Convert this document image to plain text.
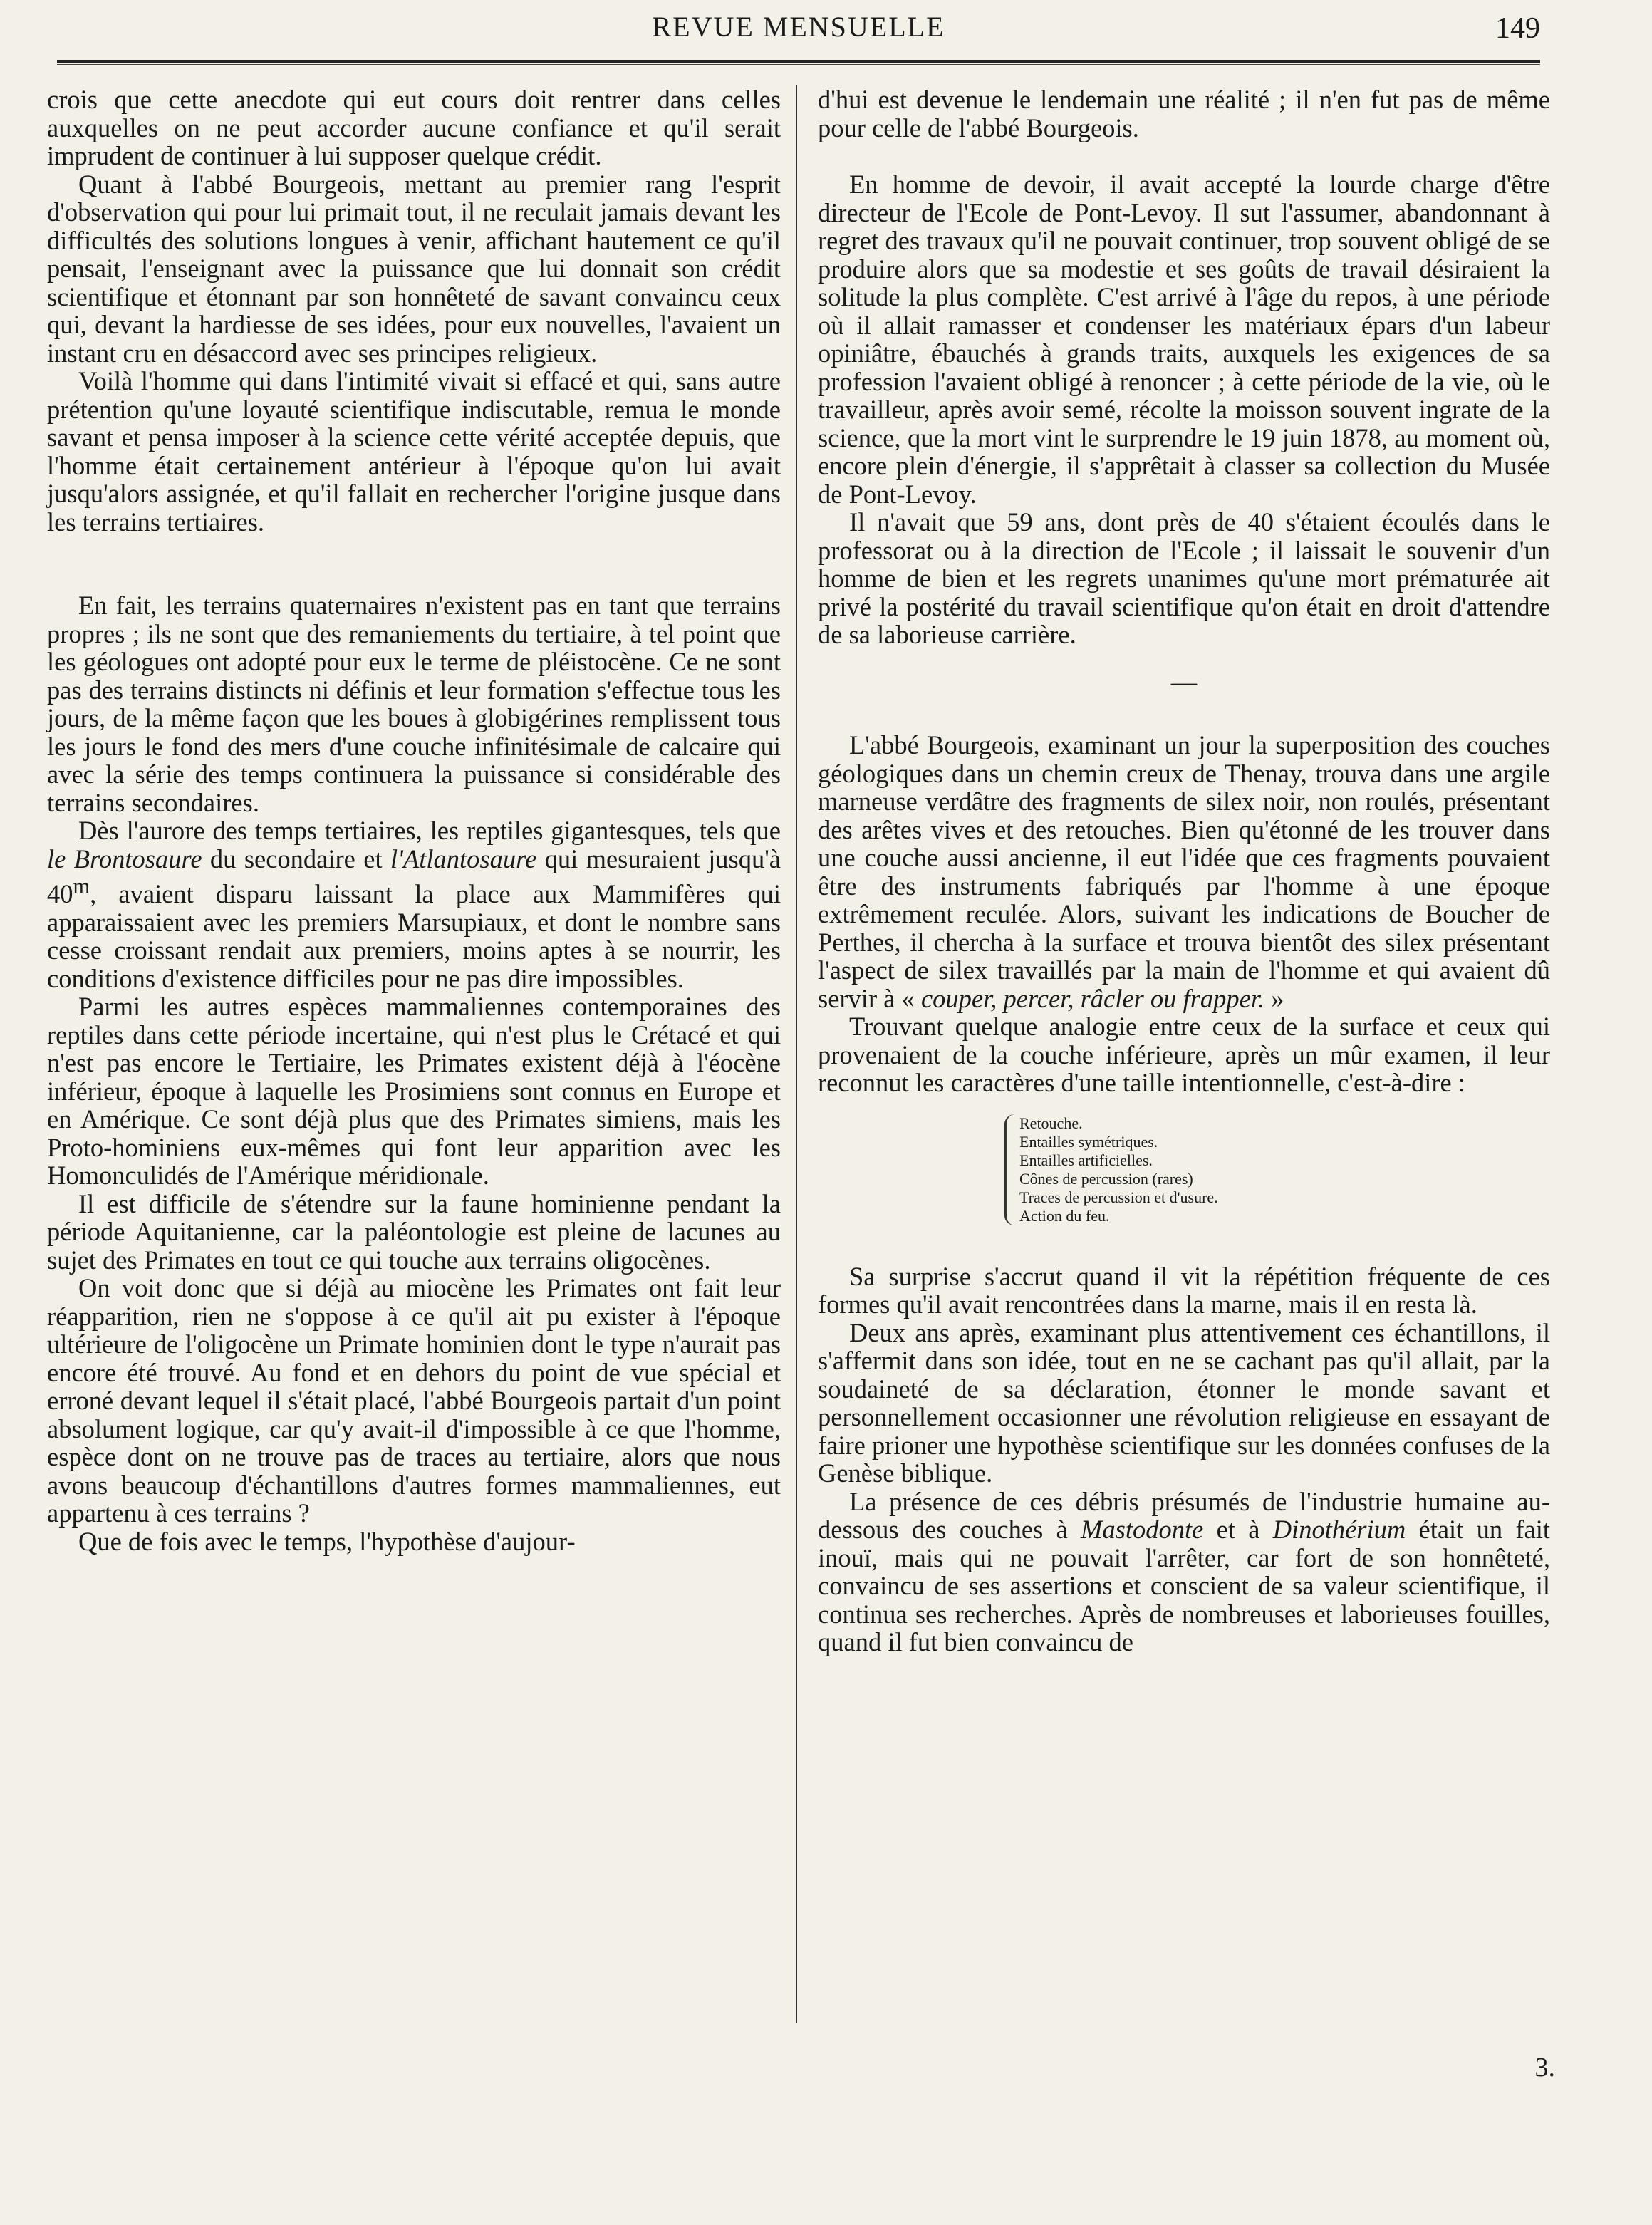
REVUE MENSUELLE	149

crois que cette anecdote qui eut cours doit rentrer dans celles auxquelles on ne peut accorder aucune confiance et qu'il serait imprudent de continuer à lui supposer quelque crédit.

Quant à l'abbé Bourgeois, mettant au premier rang l'esprit d'observation qui pour lui primait tout, il ne reculait jamais devant les difficultés des solutions longues à venir, affichant hautement ce qu'il pensait, l'enseignant avec la puissance que lui donnait son crédit scientifique et étonnant par son honnêteté de savant convaincu ceux qui, devant la hardiesse de ses idées, pour eux nouvelles, l'avaient un instant cru en désaccord avec ses principes religieux.

Voilà l'homme qui dans l'intimité vivait si effacé et qui, sans autre prétention qu'une loyauté scientifique indiscutable, remua le monde savant et pensa imposer à la science cette vérité acceptée depuis, que l'homme était certainement antérieur à l'époque qu'on lui avait jusqu'alors assignée, et qu'il fallait en rechercher l'origine jusque dans les terrains tertiaires.

En fait, les terrains quaternaires n'existent pas en tant que terrains propres ; ils ne sont que des remaniements du tertiaire, à tel point que les géologues ont adopté pour eux le terme de pléistocène. Ce ne sont pas des terrains distincts ni définis et leur formation s'effectue tous les jours, de la même façon que les boues à globigérines remplissent tous les jours le fond des mers d'une couche infinitésimale de calcaire qui avec la série des temps continuera la puissance si considérable des terrains secondaires.

Dès l'aurore des temps tertiaires, les reptiles gigantesques, tels que le Brontosaure du secondaire et l'Atlantosaure qui mesuraient jusqu'à 40$^m$, avaient disparu laissant la place aux Mammifères qui apparaissaient avec les premiers Marsupiaux, et dont le nombre sans cesse croissant rendait aux premiers, moins aptes à se nourrir, les conditions d'existence difficiles pour ne pas dire impossibles.

Parmi les autres espèces mammaliennes contemporaines des reptiles dans cette période incertaine, qui n'est plus le Crétacé et qui n'est pas encore le Tertiaire, les Primates existent déjà à l'éocène inférieur, époque à laquelle les Prosimiens sont connus en Europe et en Amérique. Ce sont déjà plus que des Primates simiens, mais les Proto-hominiens eux-mêmes qui font leur apparition avec les Homonculidés de l'Amérique méridionale.

Il est difficile de s'étendre sur la faune hominienne pendant la période Aquitanienne, car la paléontologie est pleine de lacunes au sujet des Primates en tout ce qui touche aux terrains oligocènes.

On voit donc que si déjà au miocène les Primates ont fait leur réapparition, rien ne s'oppose à ce qu'il ait pu exister à l'époque ultérieure de l'oligocène un Primate hominien dont le type n'aurait pas encore été trouvé. Au fond et en dehors du point de vue spécial et erroné devant lequel il s'était placé, l'abbé Bourgeois partait d'un point absolument logique, car qu'y avait-il d'impossible à ce que l'homme, espèce dont on ne trouve pas de traces au tertiaire, alors que nous avons beaucoup d'échantillons d'autres formes mammaliennes, eut appartenu à ces terrains ?

Que de fois avec le temps, l'hypothèse d'aujour-

d'hui est devenue le lendemain une réalité ; il n'en fut pas de même pour celle de l'abbé Bourgeois.

En homme de devoir, il avait accepté la lourde charge d'être directeur de l'Ecole de Pont-Levoy. Il sut l'assumer, abandonnant à regret des travaux qu'il ne pouvait continuer, trop souvent obligé de se produire alors que sa modestie et ses goûts de travail désiraient la solitude la plus complète. C'est arrivé à l'âge du repos, à une période où il allait ramasser et condenser les matériaux épars d'un labeur opiniâtre, ébauchés à grands traits, auxquels les exigences de sa profession l'avaient obligé à renoncer ; à cette période de la vie, où le travailleur, après avoir semé, récolte la moisson souvent ingrate de la science, que la mort vint le surprendre le 19 juin 1878, au moment où, encore plein d'énergie, il s'apprêtait à classer sa collection du Musée de Pont-Levoy.

Il n'avait que 59 ans, dont près de 40 s'étaient écoulés dans le professorat ou à la direction de l'Ecole ; il laissait le souvenir d'un homme de bien et les regrets unanimes qu'une mort prématurée ait privé la postérité du travail scientifique qu'on était en droit d'attendre de sa laborieuse carrière.

—

L'abbé Bourgeois, examinant un jour la superposition des couches géologiques dans un chemin creux de Thenay, trouva dans une argile marneuse verdâtre des fragments de silex noir, non roulés, présentant des arêtes vives et des retouches. Bien qu'étonné de les trouver dans une couche aussi ancienne, il eut l'idée que ces fragments pouvaient être des instruments fabriqués par l'homme à une époque extrêmement reculée. Alors, suivant les indications de Boucher de Perthes, il chercha à la surface et trouva bientôt des silex présentant l'aspect de silex travaillés par la main de l'homme et qui avaient dû servir à « couper, percer, râcler ou frapper. »

Trouvant quelque analogie entre ceux de la surface et ceux qui provenaient de la couche inférieure, après un mûr examen, il leur reconnut les caractères d'une taille intentionnelle, c'est-à-dire :

Retouche.
Entailles symétriques.
Entailles artificielles.
Cônes de percussion (rares)
Traces de percussion et d'usure.
Action du feu.

Sa surprise s'accrut quand il vit la répétition fréquente de ces formes qu'il avait rencontrées dans la marne, mais il en resta là.

Deux ans après, examinant plus attentivement ces échantillons, il s'affermit dans son idée, tout en ne se cachant pas qu'il allait, par la soudaineté de sa déclaration, étonner le monde savant et personnellement occasionner une révolution religieuse en essayant de faire prioner une hypothèse scientifique sur les données confuses de la Genèse biblique.

La présence de ces débris présumés de l'industrie humaine au-dessous des couches à Mastodonte et à Dinothérium était un fait inouï, mais qui ne pouvait l'arrêter, car fort de son honnêteté, convaincu de ses assertions et conscient de sa valeur scientifique, il continua ses recherches. Après de nombreuses et laborieuses fouilles, quand il fut bien convaincu de

3.
